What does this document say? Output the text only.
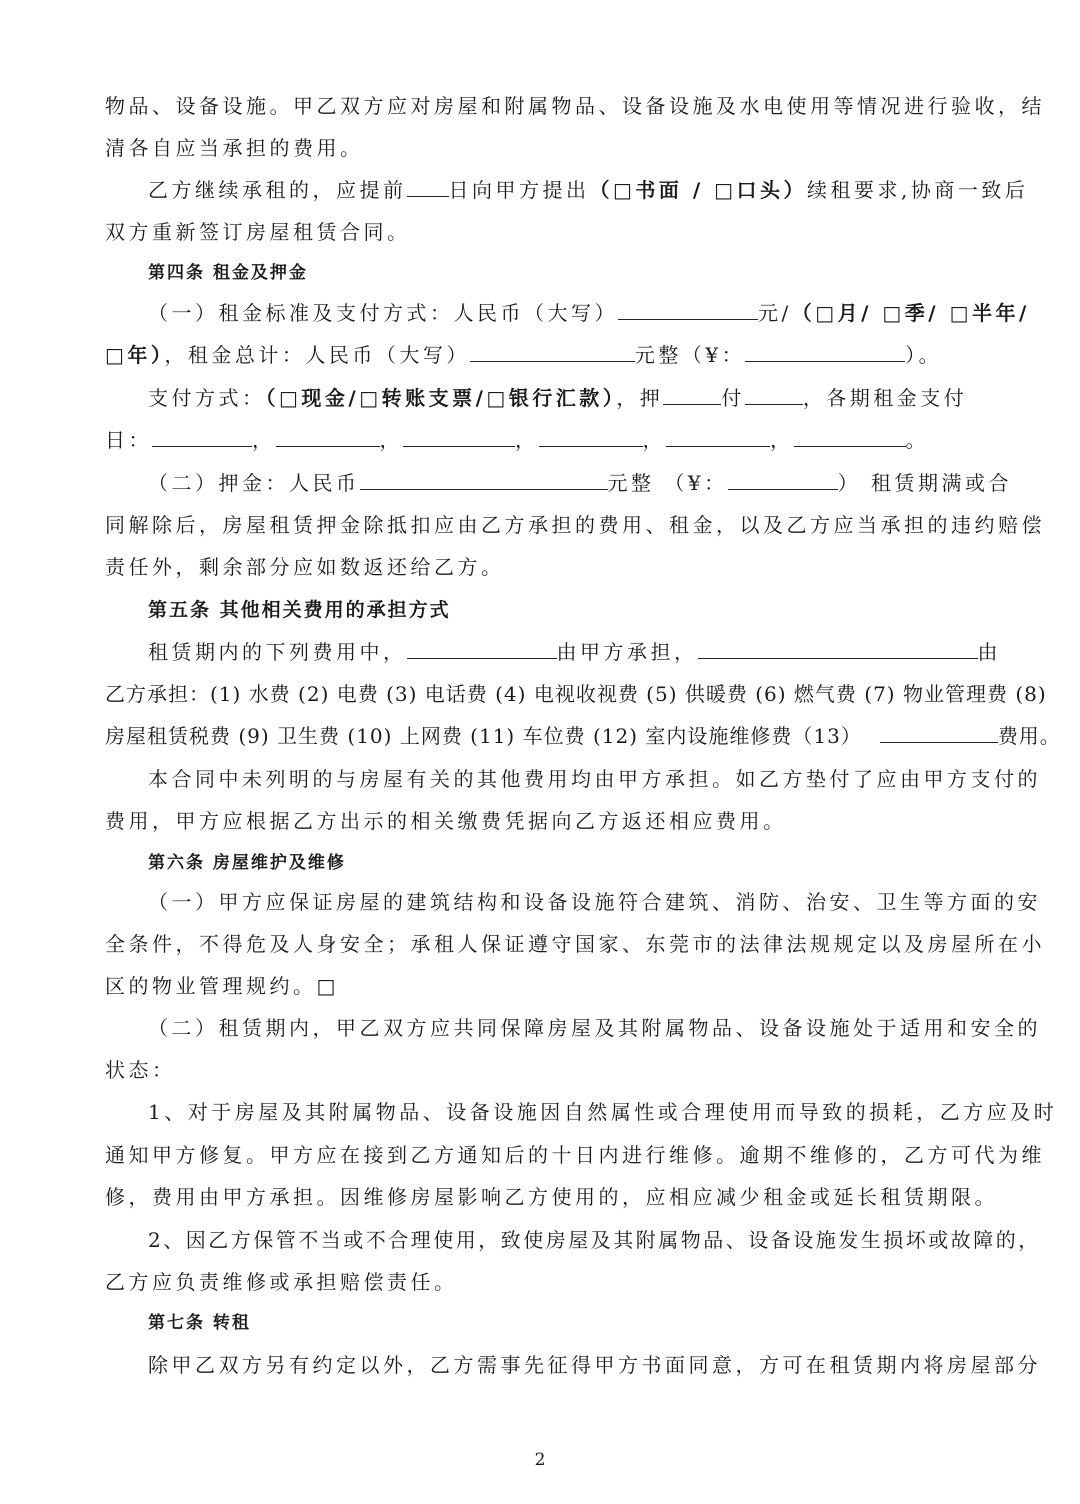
物品、设备设施。甲乙双方应对房屋和附属物品、设备设施及水电使用等情况进行验收，结
清各自应当承担的费用。
乙方继续承租的，应提前 日向甲方提出（□书面 / □口头）续租要求,协商一致后
双方重新签订房屋租赁合同。
第四条 租金及押金
（一）租金标准及支付方式：人民币（大写）	元/（□月/ □季/ □半年/
□年），租金总计：人民币（大写）	元整（¥：	）。
支付方式：（□现金/□转账支票/□银行汇款），押	付	，各期租金支付
日：	，	，	，	，	，	。
（二）押金：人民币	元整 （¥：	） 租赁期满或合
同解除后，房屋租赁押金除抵扣应由乙方承担的费用、租金，以及乙方应当承担的违约赔偿
责任外，剩余部分应如数返还给乙方。
第五条 其他相关费用的承担方式
租赁期内的下列费用中，	由甲方承担，	由
乙方承担：(1) 水费 (2) 电费 (3) 电话费 (4) 电视收视费 (5) 供暖费 (6) 燃气费 (7) 物业管理费 (8)
房屋租赁税费 (9) 卫生费 (10) 上网费 (11) 车位费 (12) 室内设施维修费（13）	费用。
本合同中未列明的与房屋有关的其他费用均由甲方承担。如乙方垫付了应由甲方支付的
费用，甲方应根据乙方出示的相关缴费凭据向乙方返还相应费用。
第六条 房屋维护及维修
（一）甲方应保证房屋的建筑结构和设备设施符合建筑、消防、治安、卫生等方面的安
全条件，不得危及人身安全；承租人保证遵守国家、东莞市的法律法规规定以及房屋所在小
区的物业管理规约。□
（二）租赁期内，甲乙双方应共同保障房屋及其附属物品、设备设施处于适用和安全的
状态：
1、对于房屋及其附属物品、设备设施因自然属性或合理使用而导致的损耗，乙方应及时
通知甲方修复。甲方应在接到乙方通知后的十日内进行维修。逾期不维修的，乙方可代为维
修，费用由甲方承担。因维修房屋影响乙方使用的，应相应减少租金或延长租赁期限。
2、因乙方保管不当或不合理使用，致使房屋及其附属物品、设备设施发生损坏或故障的，
乙方应负责维修或承担赔偿责任。
第七条 转租
除甲乙双方另有约定以外，乙方需事先征得甲方书面同意，方可在租赁期内将房屋部分
2
